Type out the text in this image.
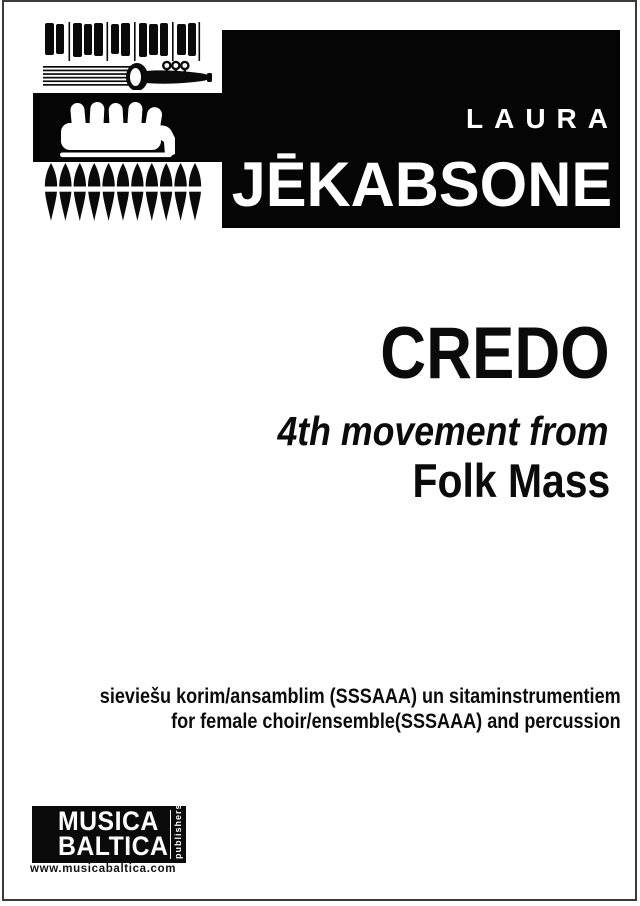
LAURA
JĒKABSONE
CREDO
4th movement from
Folk Mass
sieviešu korim/ansamblim (SSSAAA) un sitaminstrumentiem
for female choir/ensemble(SSSAAA) and percussion
MUSICA
BALTICA publishers
www.musicabaltica.com
